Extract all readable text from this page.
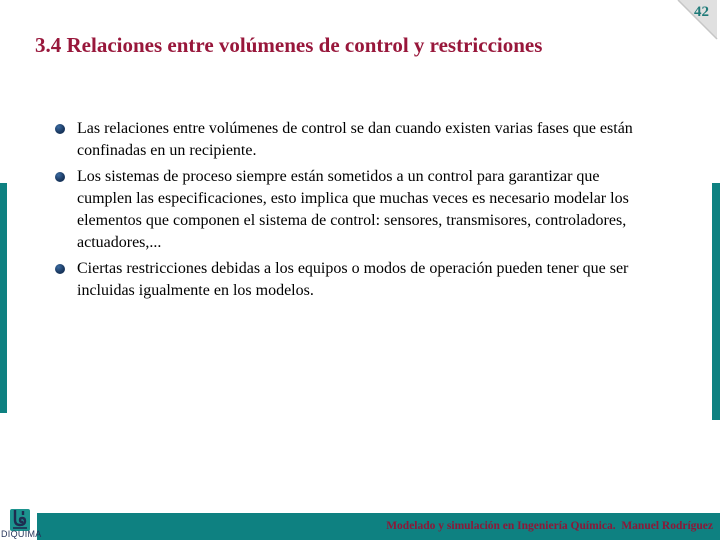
42
3.4 Relaciones entre volúmenes de control y restricciones
Las relaciones entre volúmenes de control se dan cuando existen varias fases que están confinadas en un recipiente.
Los sistemas de proceso siempre están sometidos a un control para garantizar que cumplen las especificaciones, esto implica que muchas veces es necesario modelar los elementos que componen el sistema de control: sensores, transmisores, controladores, actuadores,...
Ciertas restricciones debidas a los equipos o modos de operación pueden tener que ser incluidas igualmente en los modelos.
Modelado y simulación en Ingeniería Química.  Manuel Rodríguez
DIQUIMA
